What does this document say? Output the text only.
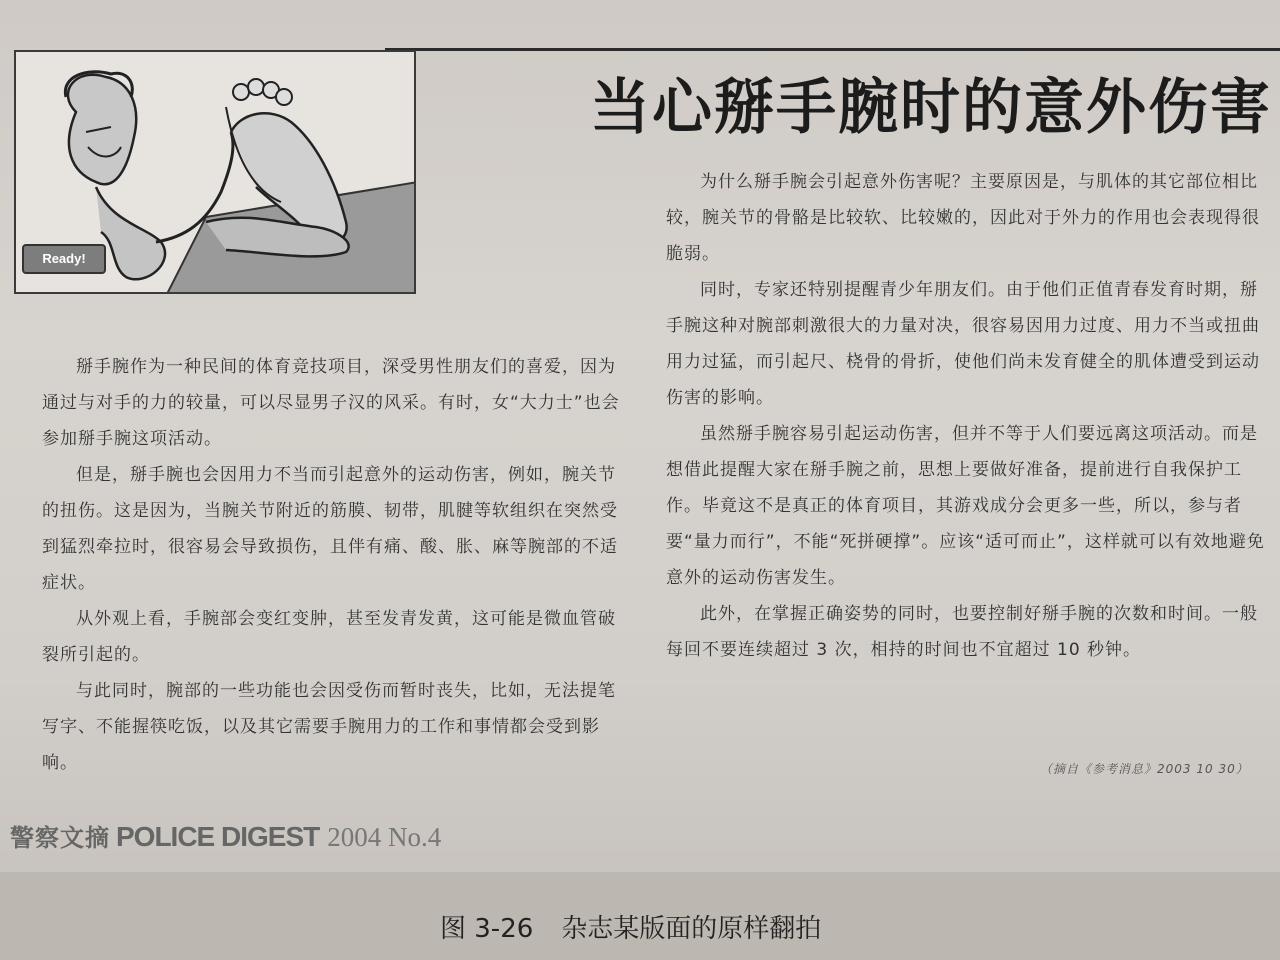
Ready!
当心掰手腕时的意外伤害

掰手腕作为一种民间的体育竞技项目，深受男性朋友们的喜爱，因为通过与对手的力的较量，可以尽显男子汉的风采。有时，女“大力士”也会参加掰手腕这项活动。

但是，掰手腕也会因用力不当而引起意外的运动伤害，例如，腕关节的扭伤。这是因为，当腕关节附近的筋膜、韧带，肌腱等软组织在突然受到猛烈牵拉时，很容易会导致损伤，且伴有痛、酸、胀、麻等腕部的不适症状。

从外观上看，手腕部会变红变肿，甚至发青发黄，这可能是微血管破裂所引起的。

与此同时，腕部的一些功能也会因受伤而暂时丧失，比如，无法提笔写字、不能握筷吃饭，以及其它需要手腕用力的工作和事情都会受到影响。

为什么掰手腕会引起意外伤害呢？主要原因是，与肌体的其它部位相比较，腕关节的骨骼是比较软、比较嫩的，因此对于外力的作用也会表现得很脆弱。

同时，专家还特别提醒青少年朋友们。由于他们正值青春发育时期，掰手腕这种对腕部刺激很大的力量对决，很容易因用力过度、用力不当或扭曲用力过猛，而引起尺、桡骨的骨折，使他们尚未发育健全的肌体遭受到运动伤害的影响。

虽然掰手腕容易引起运动伤害，但并不等于人们要远离这项活动。而是想借此提醒大家在掰手腕之前，思想上要做好准备，提前进行自我保护工作。毕竟这不是真正的体育项目，其游戏成分会更多一些，所以，参与者要“量力而行”，不能“死拼硬撑”。应该“适可而止”，这样就可以有效地避免意外的运动伤害发生。

此外，在掌握正确姿势的同时，也要控制好掰手腕的次数和时间。一般每回不要连续超过 3 次，相持的时间也不宜超过 10 秒钟。

（摘自《参考消息》2003 10 30）
警察文摘 POLICE DIGEST 2004 No.4
图 3-26 杂志某版面的原样翻拍
